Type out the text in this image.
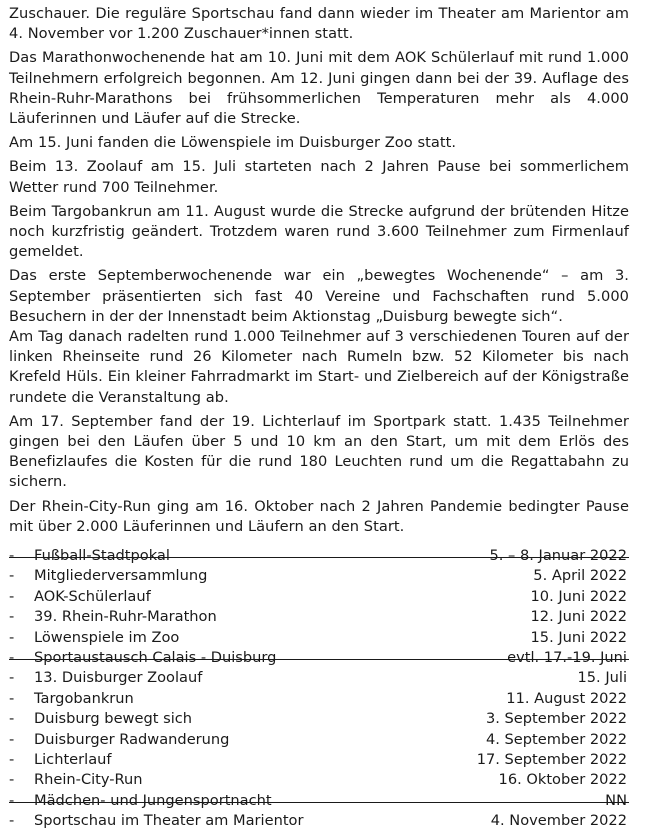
Zuschauer. Die reguläre Sportschau fand dann wieder im Theater am Marientor am 4. November vor 1.200 Zuschauer*innen statt.

Das Marathonwochenende hat am 10. Juni mit dem AOK Schülerlauf mit rund 1.000 Teilnehmern erfolgreich begonnen. Am 12. Juni gingen dann bei der 39. Auflage des Rhein-Ruhr-Marathons bei frühsommerlichen Temperaturen mehr als 4.000 Läuferinnen und Läufer auf die Strecke.

Am 15. Juni fanden die Löwenspiele im Duisburger Zoo statt.

Beim 13. Zoolauf am 15. Juli starteten nach 2 Jahren Pause bei sommerlichem Wetter rund 700 Teilnehmer.

Beim Targobankrun am 11. August wurde die Strecke aufgrund der brütenden Hitze noch kurzfristig geändert. Trotzdem waren rund 3.600 Teilnehmer zum Firmenlauf gemeldet.

Das erste Septemberwochenende war ein „bewegtes Wochenende“ – am 3. September präsentierten sich fast 40 Vereine und Fachschaften rund 5.000 Besuchern in der der Innenstadt beim Aktionstag „Duisburg bewegte sich“.

Am Tag danach radelten rund 1.000 Teilnehmer auf 3 verschiedenen Touren auf der linken Rheinseite rund 26 Kilometer nach Rumeln bzw. 52 Kilometer bis nach Krefeld Hüls. Ein kleiner Fahrradmarkt im Start- und Zielbereich auf der Königstraße rundete die Veranstaltung ab.

Am 17. September fand der 19. Lichterlauf im Sportpark statt. 1.435 Teilnehmer gingen bei den Läufen über 5 und 10 km an den Start, um mit dem Erlös des Benefizlaufes die Kosten für die rund 180 Leuchten rund um die Regattabahn zu sichern.

Der Rhein-City-Run ging am 16. Oktober nach 2 Jahren Pandemie bedingter Pause mit über 2.000 Läuferinnen und Läufern an den Start.

-	Fußball-Stadtpokal	5. – 8. Januar 2022
-	Mitgliederversammlung	5. April 2022
-	AOK-Schülerlauf	10. Juni 2022
-	39. Rhein-Ruhr-Marathon	12. Juni 2022
-	Löwenspiele im Zoo	15. Juni 2022
-	Sportaustausch Calais - Duisburg	evtl. 17.-19. Juni
-	13. Duisburger Zoolauf	15. Juli
-	Targobankrun	11. August 2022
-	Duisburg bewegt sich	3. September 2022
-	Duisburger Radwanderung	4. September 2022
-	Lichterlauf	17. September 2022
-	Rhein-City-Run	16. Oktober 2022
-	Mädchen- und Jungensportnacht	NN
-	Sportschau im Theater am Marientor	4. November 2022
